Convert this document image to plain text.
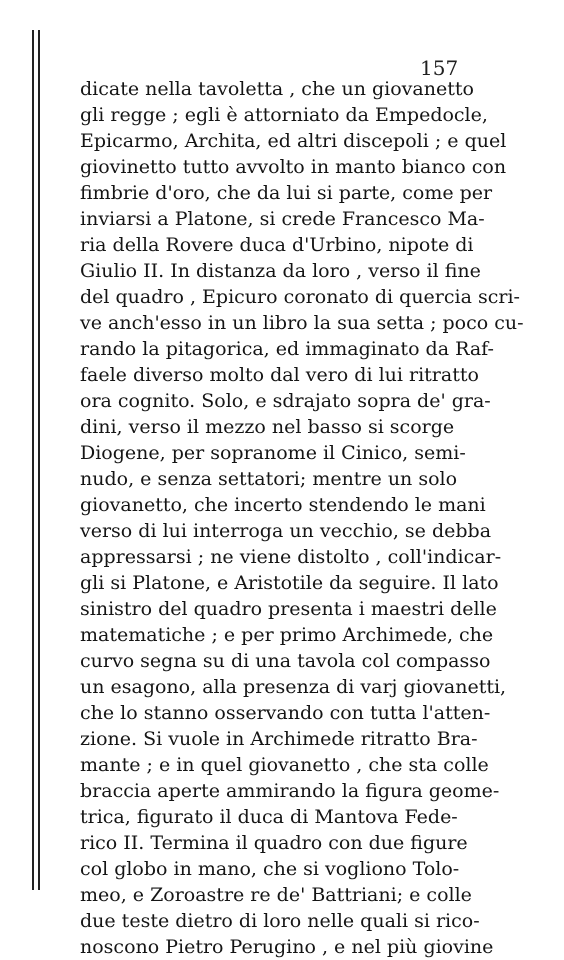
157
dicate nella tavoletta , che un giovanetto
gli regge ; egli è attorniato da Empedocle,
Epicarmo, Archita, ed altri discepoli ; e quel
giovinetto tutto avvolto in manto bianco con
fimbrie d'oro, che da lui si parte, come per
inviarsi a Platone, si crede Francesco Ma-
ria della Rovere duca d'Urbino, nipote di
Giulio II. In distanza da loro , verso il fine
del quadro , Epicuro coronato di quercia scri-
ve anch'esso in un libro la sua setta ; poco cu-
rando la pitagorica, ed immaginato da Raf-
faele diverso molto dal vero di lui ritratto
ora cognito. Solo, e sdrajato sopra de' gra-
dini, verso il mezzo nel basso si scorge
Diogene, per sopranome il Cinico, semi-
nudo, e senza settatori; mentre un solo
giovanetto, che incerto stendendo le mani
verso di lui interroga un vecchio, se debba
appressarsi ; ne viene distolto , coll'indicar-
gli si Platone, e Aristotile da seguire. Il lato
sinistro del quadro presenta i maestri delle
matematiche ; e per primo Archimede, che
curvo segna su di una tavola col compasso
un esagono, alla presenza di varj giovanetti,
che lo stanno osservando con tutta l'atten-
zione. Si vuole in Archimede ritratto Bra-
mante ; e in quel giovanetto , che sta colle
braccia aperte ammirando la figura geome-
trica, figurato il duca di Mantova Fede-
rico II. Termina il quadro con due figure
col globo in mano, che si vogliono Tolo-
meo, e Zoroastre re de' Battriani; e colle
due teste dietro di loro nelle quali si rico-
noscono Pietro Perugino , e nel più giovine
